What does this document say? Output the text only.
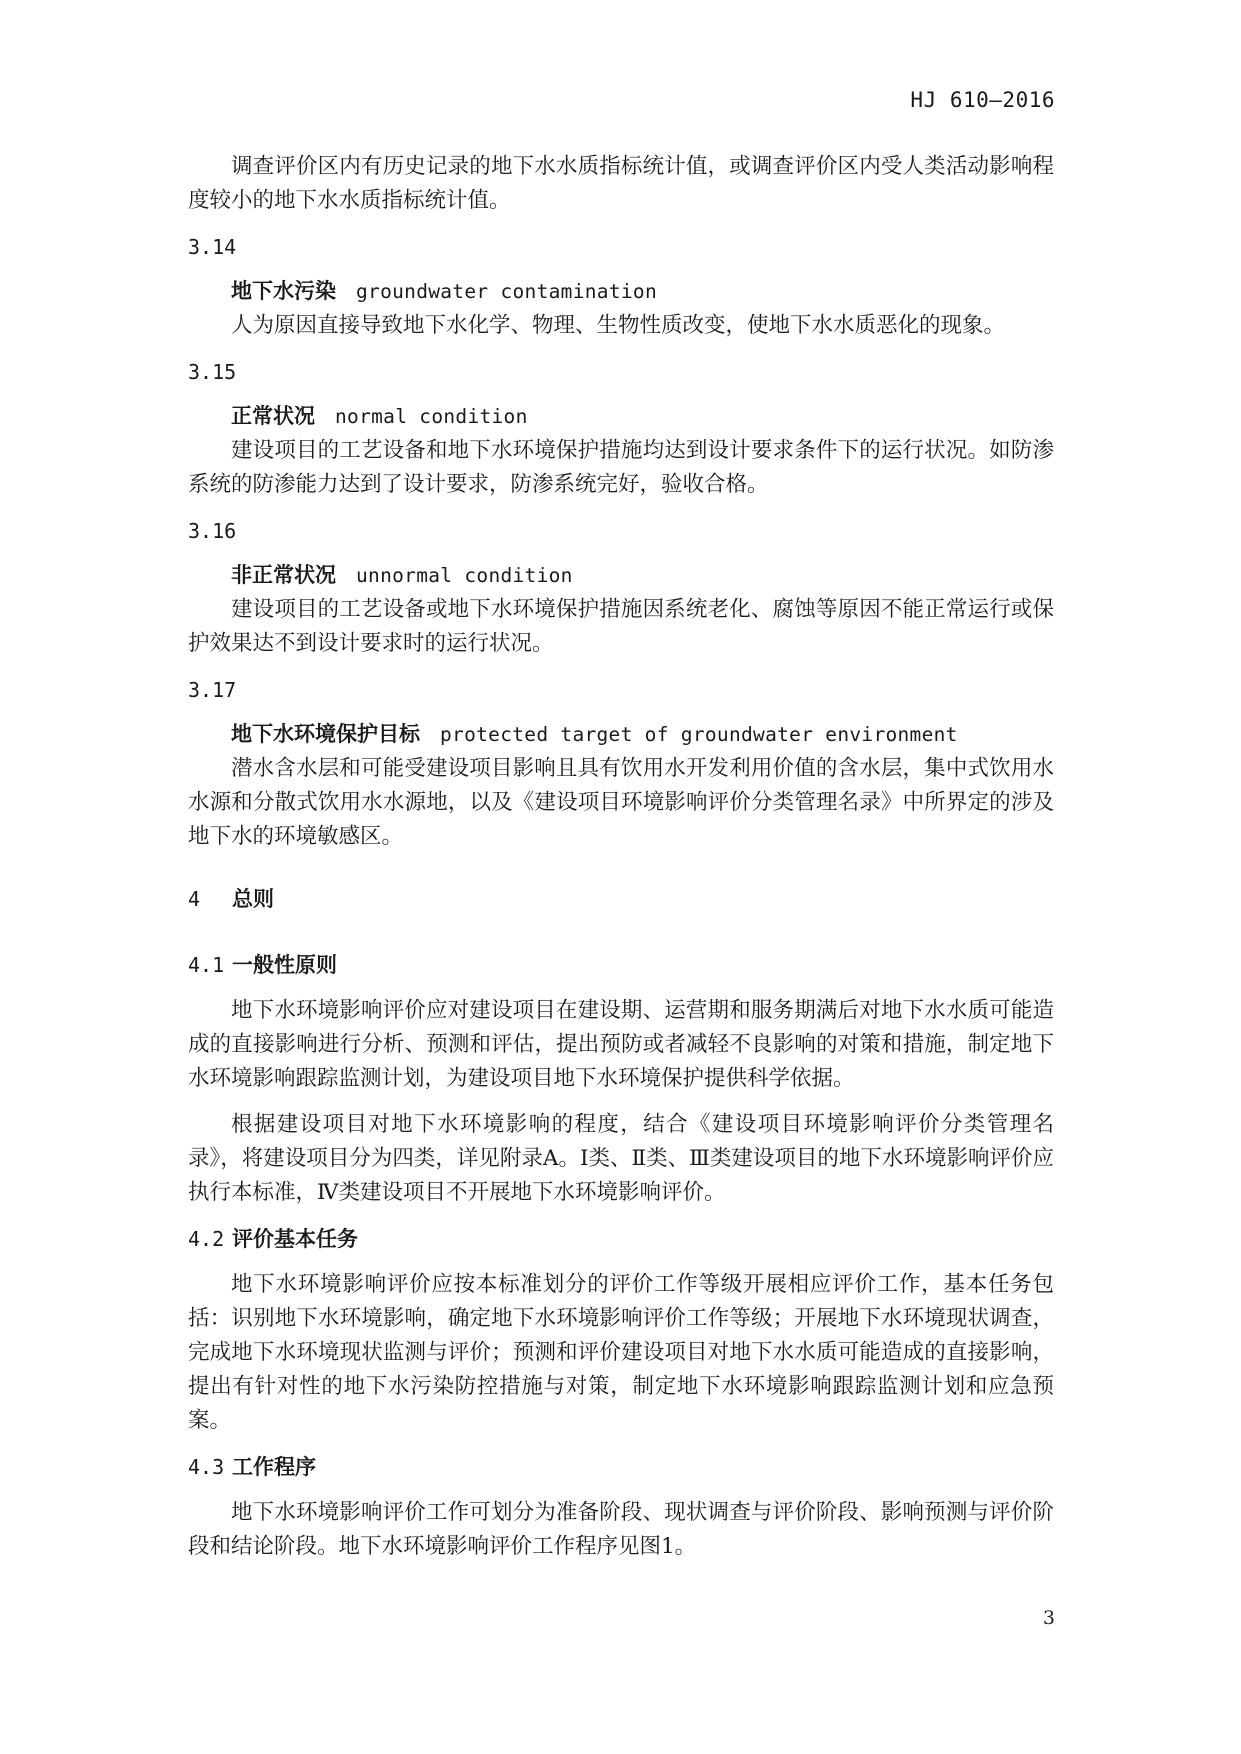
HJ 610—2016

调查评价区内有历史记录的地下水水质指标统计值，或调查评价区内受人类活动影响程度较小的地下水水质指标统计值。

3.14
地下水污染 groundwater contamination

人为原因直接导致地下水化学、物理、生物性质改变，使地下水水质恶化的现象。

3.15
正常状况 normal condition

建设项目的工艺设备和地下水环境保护措施均达到设计要求条件下的运行状况。如防渗系统的防渗能力达到了设计要求，防渗系统完好，验收合格。

3.16
非正常状况 unnormal condition

建设项目的工艺设备或地下水环境保护措施因系统老化、腐蚀等原因不能正常运行或保护效果达不到设计要求时的运行状况。

3.17
地下水环境保护目标 protected target of groundwater environment

潜水含水层和可能受建设项目影响且具有饮用水开发利用价值的含水层，集中式饮用水水源和分散式饮用水水源地，以及《建设项目环境影响评价分类管理名录》中所界定的涉及地下水的环境敏感区。

4 总则
4.1 一般性原则

地下水环境影响评价应对建设项目在建设期、运营期和服务期满后对地下水水质可能造成的直接影响进行分析、预测和评估，提出预防或者减轻不良影响的对策和措施，制定地下水环境影响跟踪监测计划，为建设项目地下水环境保护提供科学依据。

根据建设项目对地下水环境影响的程度，结合《建设项目环境影响评价分类管理名录》，将建设项目分为四类，详见附录A。Ⅰ类、Ⅱ类、Ⅲ类建设项目的地下水环境影响评价应执行本标准，Ⅳ类建设项目不开展地下水环境影响评价。

4.2 评价基本任务

地下水环境影响评价应按本标准划分的评价工作等级开展相应评价工作，基本任务包括：识别地下水环境影响，确定地下水环境影响评价工作等级；开展地下水环境现状调查，完成地下水环境现状监测与评价；预测和评价建设项目对地下水水质可能造成的直接影响，提出有针对性的地下水污染防控措施与对策，制定地下水环境影响跟踪监测计划和应急预案。

4.3 工作程序

地下水环境影响评价工作可划分为准备阶段、现状调查与评价阶段、影响预测与评价阶段和结论阶段。地下水环境影响评价工作程序见图1。

3
